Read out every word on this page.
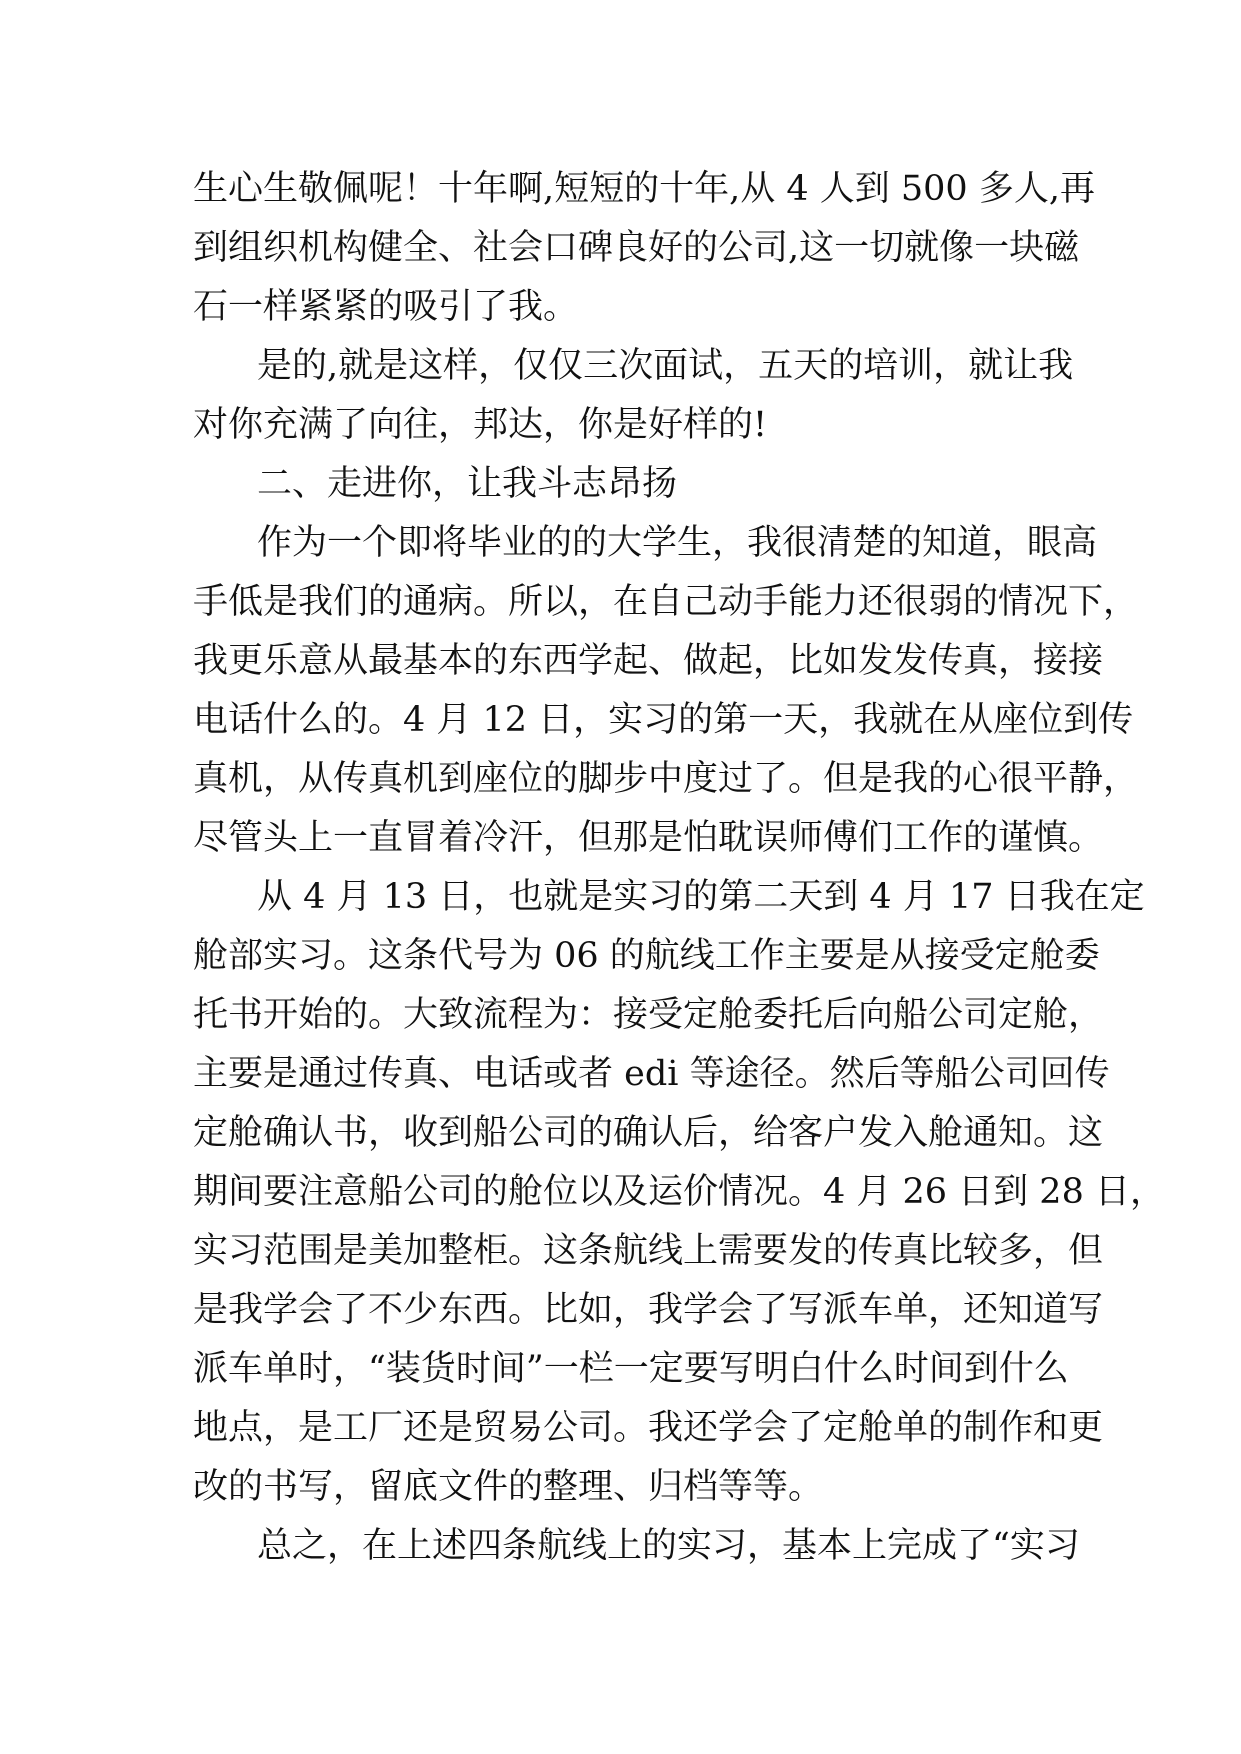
生心生敬佩呢！十年啊,短短的十年,从 4 人到 500 多人,再
到组织机构健全、社会口碑良好的公司,这一切就像一块磁
石一样紧紧的吸引了我。
是的,就是这样，仅仅三次面试，五天的培训，就让我
对你充满了向往，邦达，你是好样的!
二、走进你，让我斗志昂扬
作为一个即将毕业的的大学生，我很清楚的知道，眼高
手低是我们的通病。所以，在自己动手能力还很弱的情况下，
我更乐意从最基本的东西学起、做起，比如发发传真，接接
电话什么的。4 月 12 日，实习的第一天，我就在从座位到传
真机，从传真机到座位的脚步中度过了。但是我的心很平静，
尽管头上一直冒着冷汗，但那是怕耽误师傅们工作的谨慎。
从 4 月 13 日，也就是实习的第二天到 4 月 17 日我在定
舱部实习。这条代号为 06 的航线工作主要是从接受定舱委
托书开始的。大致流程为：接受定舱委托后向船公司定舱，
主要是通过传真、电话或者 edi 等途径。然后等船公司回传
定舱确认书，收到船公司的确认后，给客户发入舱通知。这
期间要注意船公司的舱位以及运价情况。4 月 26 日到 28 日，
实习范围是美加整柜。这条航线上需要发的传真比较多，但
是我学会了不少东西。比如，我学会了写派车单，还知道写
派车单时，“装货时间”一栏一定要写明白什么时间到什么
地点，是工厂还是贸易公司。我还学会了定舱单的制作和更
改的书写，留底文件的整理、归档等等。
总之，在上述四条航线上的实习，基本上完成了“实习
